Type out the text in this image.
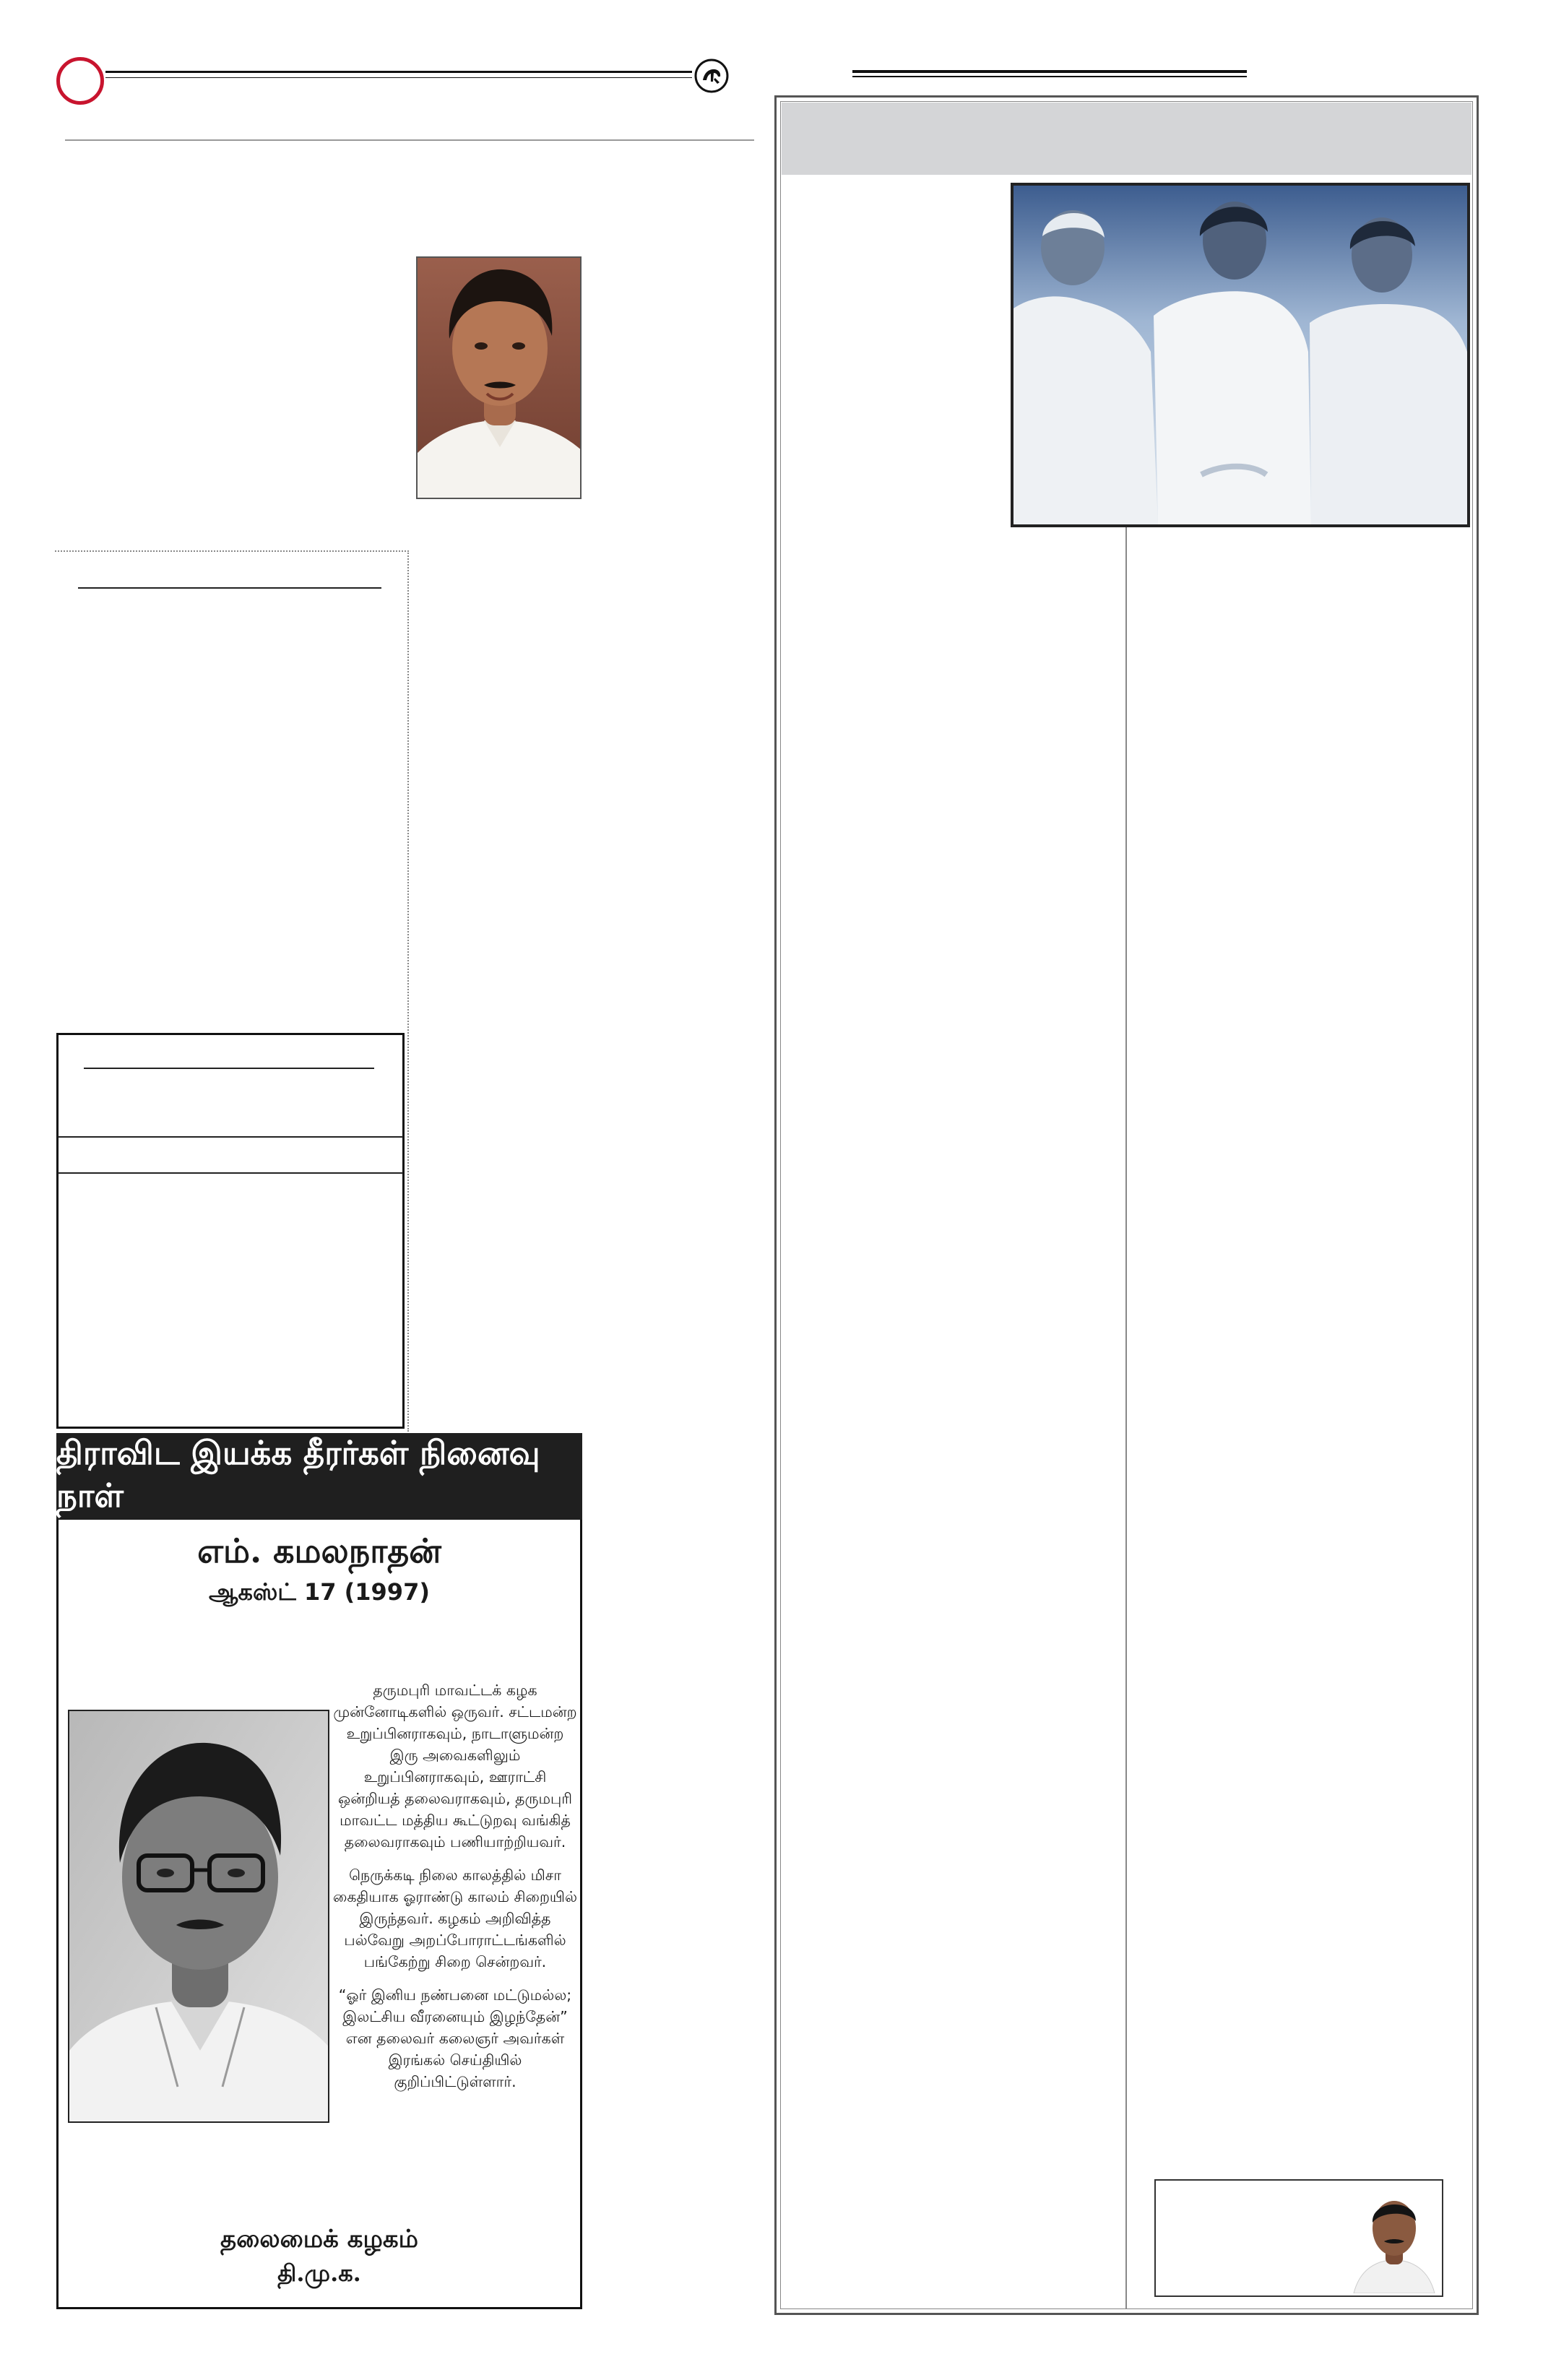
திராவிட இயக்க தீரர்கள் நினைவு நாள்
எம். கமலநாதன்
ஆகஸ்ட் 17 (1997)

தருமபுரி மாவட்டக் கழக முன்னோடிகளில் ஒருவர். சட்டமன்ற உறுப்பினராகவும், நாடாளுமன்ற இரு அவைகளிலும் உறுப்பினராகவும், ஊராட்சி ஒன்றியத் தலைவராகவும், தருமபுரி மாவட்ட மத்திய கூட்டுறவு வங்கித் தலைவராகவும் பணியாற்றியவர்.

நெருக்கடி நிலை காலத்தில் மிசா கைதியாக ஓராண்டு காலம் சிறையில் இருந்தவர். கழகம் அறிவித்த பல்வேறு அறப்போராட்டங்களில் பங்கேற்று சிறை சென்றவர்.

“ஓர் இனிய நண்பனை மட்டுமல்ல; இலட்சிய வீரனையும் இழந்தேன்” என தலைவர் கலைஞர் அவர்கள் இரங்கல் செய்தியில் குறிப்பிட்டுள்ளார்.

தலைமைக் கழகம்
தி.மு.க.
